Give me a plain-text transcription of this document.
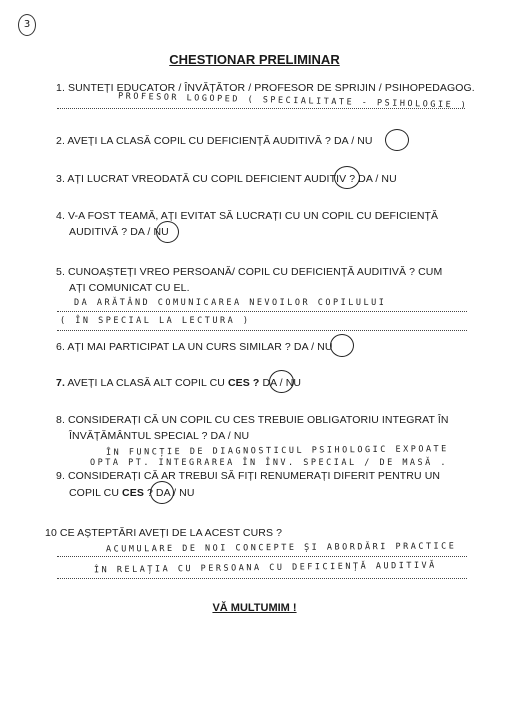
3
CHESTIONAR PRELIMINAR
1. SUNTEȚI EDUCATOR / ÎNVĂȚĂTOR / PROFESOR DE SPRIJIN / PSIHOPEDAGOG.
PROFESOR LOGOPED ( SPECIALITATE - PSIHOLOGIE )
2. AVEȚI LA CLASĂ COPIL CU DEFICIENȚĂ AUDITIVĂ ? DA / NU
3. AȚI LUCRAT VREODATĂ CU COPIL DEFICIENT AUDITIV ? DA / NU
4. V-A FOST TEAMĂ, AȚI EVITAT SĂ LUCRAȚI CU UN COPIL CU DEFICIENȚĂ
AUDITIVĂ ? DA / NU
5. CUNOAȘTEȚI VREO PERSOANĂ/ COPIL CU DEFICIENȚĂ AUDITIVĂ ? CUM
AȚI COMUNICAT CU EL.
DA ARĂTÂND COMUNICAREA NEVOILOR COPILULUI
( ÎN SPECIAL LA LECTURA )
6. AȚI MAI PARTICIPAT LA UN CURS SIMILAR ? DA / NU
7. AVEȚI LA CLASĂ ALT COPIL CU CES ? DA / NU
8. CONSIDERAȚI CĂ UN COPIL CU CES TREBUIE OBLIGATORIU INTEGRAT ÎN
ÎNVĂȚĂMÂNTUL SPECIAL ? DA / NU
ÎN FUNCȚIE DE DIAGNOSTICUL PSIHOLOGIC EXPOATE
OPTA PT. INTEGRAREA ÎN ÎNV. SPECIAL / DE MASĂ .
9. CONSIDERAȚI CĂ AR TREBUI SĂ FIȚI RENUMERAȚI DIFERIT PENTRU UN
COPIL CU CES ? DA / NU
10 CE AȘTEPTĂRI AVEȚI DE LA ACEST CURS ?
ACUMULARE DE NOI CONCEPTE ȘI ABORDĂRI PRACTICE
ÎN RELAȚIA CU PERSOANA CU DEFICIENȚĂ AUDITIVĂ
VĂ MULTUMIM !
